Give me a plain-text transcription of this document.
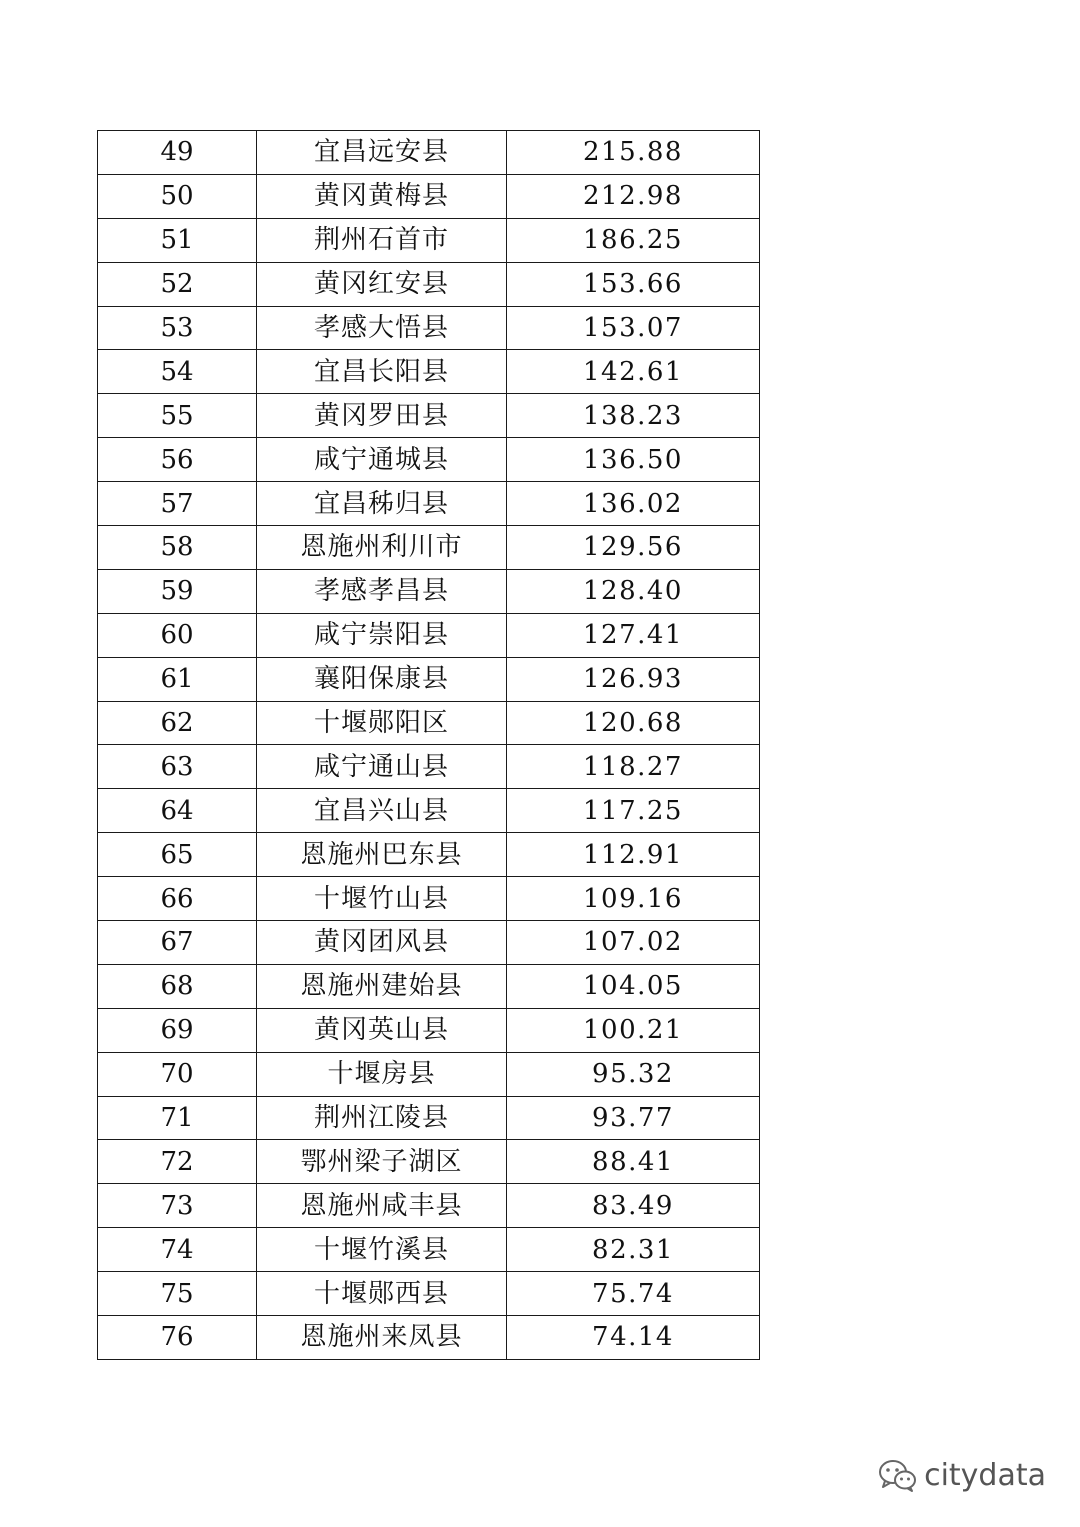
49	宜昌远安县	215.88
50	黄冈黄梅县	212.98
51	荆州石首市	186.25
52	黄冈红安县	153.66
53	孝感大悟县	153.07
54	宜昌长阳县	142.61
55	黄冈罗田县	138.23
56	咸宁通城县	136.50
57	宜昌秭归县	136.02
58	恩施州利川市	129.56
59	孝感孝昌县	128.40
60	咸宁崇阳县	127.41
61	襄阳保康县	126.93
62	十堰郧阳区	120.68
63	咸宁通山县	118.27
64	宜昌兴山县	117.25
65	恩施州巴东县	112.91
66	十堰竹山县	109.16
67	黄冈团风县	107.02
68	恩施州建始县	104.05
69	黄冈英山县	100.21
70	十堰房县	95.32
71	荆州江陵县	93.77
72	鄂州梁子湖区	88.41
73	恩施州咸丰县	83.49
74	十堰竹溪县	82.31
75	十堰郧西县	75.74
76	恩施州来凤县	74.14
citydata
